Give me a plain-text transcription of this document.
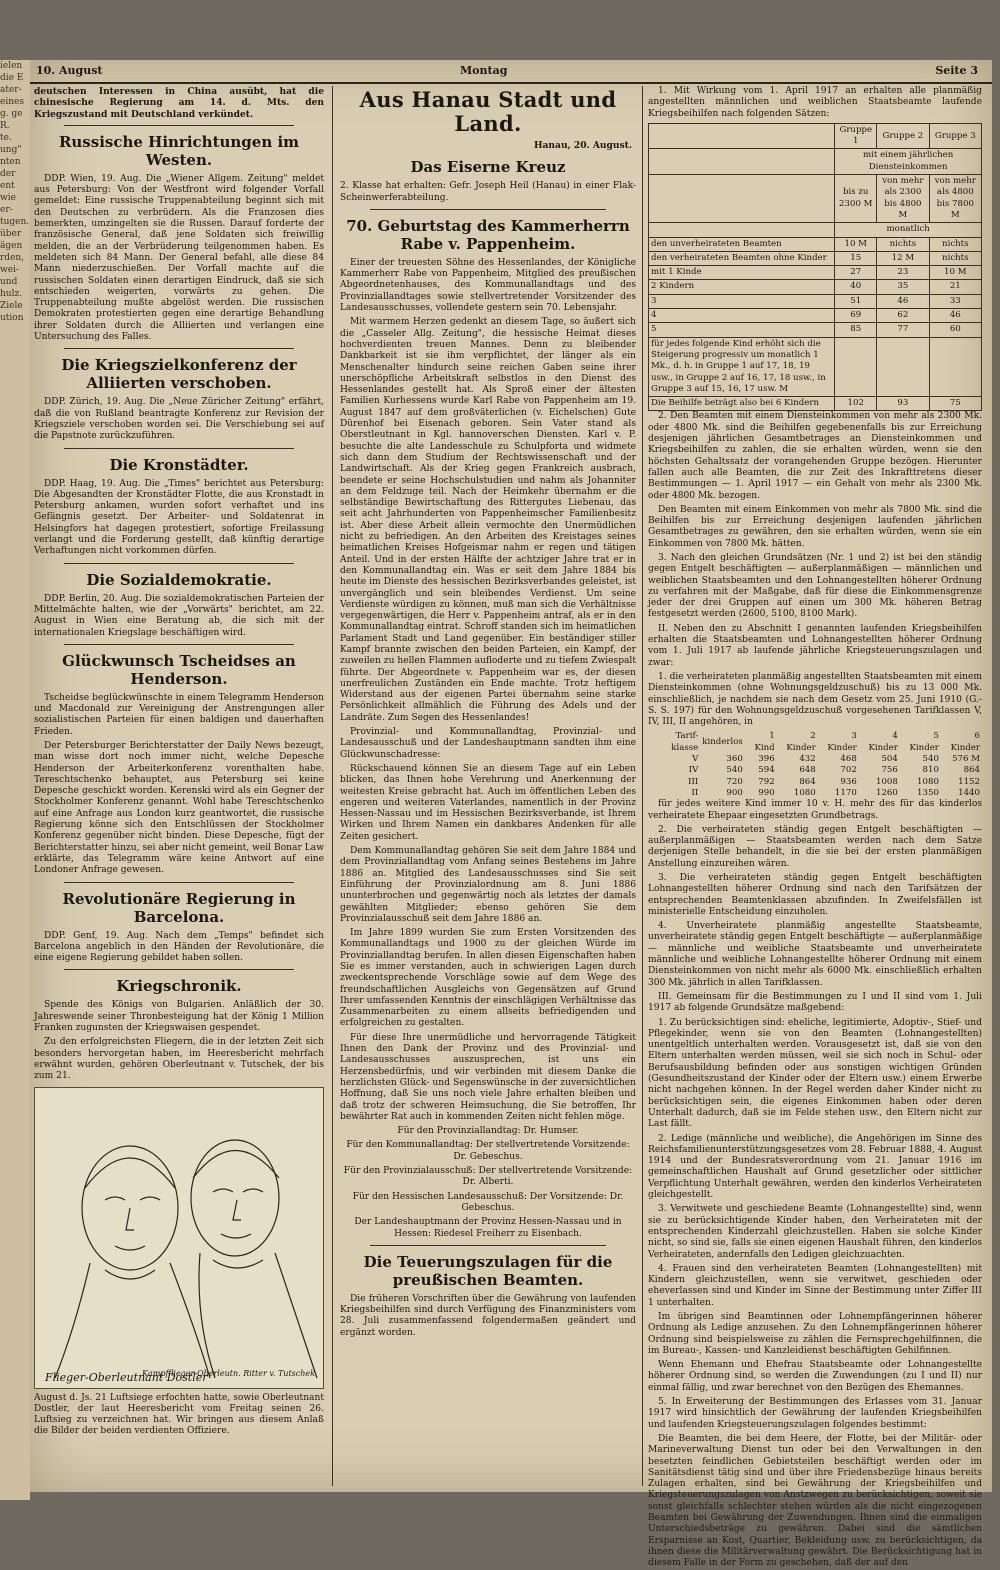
ielen
die E
ater-
eines
g. ge
R.
te.
ung"
nten
der
ent
wie
er-
tugen.
über
ägen
rden,
wei-
und
hulz.
Ziele
ution
10. August	Montag	Seite 3

deutschen Interessen in China ausübt, hat die chinesische Regierung am 14. d. Mts. den Kriegszustand mit Deutschland verkündet.

Russische Hinrichtungen im Westen.

DDP. Wien, 19. Aug. Die „Wiener Allgem. Zeitung" meldet aus Petersburg: Von der Westfront wird folgender Vorfall gemeldet: Eine russische Truppenabteilung beginnt sich mit den Deutschen zu verbrüdern. Als die Franzosen dies bemerkten, umzingelten sie die Russen. Darauf forderte der französische General, daß jene Soldaten sich freiwillig melden, die an der Verbrüderung teilgenommen haben. Es meldeten sich 84 Mann. Der General befahl, alle diese 84 Mann niederzuschießen. Der Vorfall machte auf die russischen Soldaten einen derartigen Eindruck, daß sie sich entschieden weigerten, vorwärts zu gehen. Die Truppenabteilung mußte abgelöst werden. Die russischen Demokraten protestierten gegen eine derartige Behandlung ihrer Soldaten durch die Alliierten und verlangen eine Untersuchung des Falles.

Die Kriegszielkonferenz der Alliierten verschoben.

DDP. Zürich, 19. Aug. Die „Neue Züricher Zeitung" erfährt, daß die von Rußland beantragte Konferenz zur Revision der Kriegsziele verschoben worden sei. Die Verschiebung sei auf die Papstnote zurückzuführen.

Die Kronstädter.

DDP. Haag, 19. Aug. Die „Times" berichtet aus Petersburg: Die Abgesandten der Kronstädter Flotte, die aus Kronstadt in Petersburg ankamen, wurden sofort verhaftet und ins Gefängnis gesetzt. Der Arbeiter- und Soldatenrat in Helsingfors hat dagegen protestiert, sofortige Freilassung verlangt und die Forderung gestellt, daß künftig derartige Verhaftungen nicht vorkommen dürfen.

Die Sozialdemokratie.

DDP. Berlin, 20. Aug. Die sozialdemokratischen Parteien der Mittelmächte halten, wie der „Vorwärts" berichtet, am 22. August in Wien eine Beratung ab, die sich mit der internationalen Kriegslage beschäftigen wird.

Glückwunsch Tscheidses an Henderson.

Tscheidse beglückwünschte in einem Telegramm Henderson und Macdonald zur Vereinigung der Anstrengungen aller sozialistischen Parteien für einen baldigen und dauerhaften Frieden.

Der Petersburger Berichterstatter der Daily News bezeugt, man wisse dort noch immer nicht, welche Depesche Henderson der Arbeiterkonferenz vorenthalten habe. Tereschtschenko behauptet, aus Petersburg sei keine Depesche geschickt worden. Kerenski wird als ein Gegner der Stockholmer Konferenz genannt. Wohl habe Tereschtschenko auf eine Anfrage aus London kurz geantwortet, die russische Regierung könne sich den Entschlüssen der Stockholmer Konferenz gegenüber nicht binden. Diese Depesche, fügt der Berichterstatter hinzu, sei aber nicht gemeint, weil Bonar Law erklärte, das Telegramm wäre keine Antwort auf eine Londoner Anfrage gewesen.

Revolutionäre Regierung in Barcelona.

DDP. Genf, 19. Aug. Nach dem „Temps" befindet sich Barcelona angeblich in den Händen der Revolutionäre, die eine eigene Regierung gebildet haben sollen.

Kriegschronik.

Spende des Königs von Bulgarien. Anläßlich der 30. Jahreswende seiner Thronbesteigung hat der König 1 Million Franken zugunsten der Kriegswaisen gespendet.

Zu den erfolgreichsten Fliegern, die in der letzten Zeit sich besonders hervorgetan haben, im Heeresbericht mehrfach erwähnt wurden, gehören Oberleutnant v. Tutschek, der bis zum 21.

Kampfflieger-Oberleutn. Ritter v. Tutschek
Flieger-Oberleutnant Dostler

August d. Js. 21 Luftsiege erfochten hatte, sowie Oberleutnant Dostler, der laut Heeresbericht vom Freitag seinen 26. Luftsieg zu verzeichnen hat. Wir bringen aus diesem Anlaß die Bilder der beiden verdienten Offiziere.

Aus Hanau Stadt und Land.
Hanau, 20. August.
Das Eiserne Kreuz

2. Klasse hat erhalten: Gefr. Joseph Heil (Hanau) in einer Flak-Scheinwerferabteilung.

70. Geburtstag des Kammerherrn Rabe v. Pappenheim.

Einer der treuesten Söhne des Hessenlandes, der Königliche Kammerherr Rabe von Pappenheim, Mitglied des preußischen Abgeordnetenhauses, des Kommunallandtags und des Provinziallandtages sowie stellvertretender Vorsitzender des Landesausschusses, vollendete gestern sein 70. Lebensjahr.

Mit warmem Herzen gedenkt an diesem Tage, so äußert sich die „Casseler Allg. Zeitung", die hessische Heimat dieses hochverdienten treuen Mannes. Denn zu bleibender Dankbarkeit ist sie ihm verpflichtet, der länger als ein Menschenalter hindurch seine reichen Gaben seine ihrer unerschöpfliche Arbeitskraft selbstlos in den Dienst des Hessenlandes gestellt hat. Als Sproß einer der ältesten Familien Kurhessens wurde Karl Rabe von Pappenheim am 19. August 1847 auf dem großväterlichen (v. Eichelschen) Gute Dürenhof bei Eisenach geboren. Sein Vater stand als Oberstleutnant in Kgl. hannoverschen Diensten. Karl v. P. besuchte die alte Landesschule zu Schulpforta und widmete sich dann dem Studium der Rechtswissenschaft und der Landwirtschaft. Als der Krieg gegen Frankreich ausbrach, beendete er seine Hochschulstudien und nahm als Johanniter an dem Feldzuge teil. Nach der Heimkehr übernahm er die selbständige Bewirtschaftung des Rittergutes Liebenau, das seit acht Jahrhunderten von Pappenheimscher Familienbesitz ist. Aber diese Arbeit allein vermochte den Unermüdlichen nicht zu befriedigen. An den Arbeiten des Kreistages seines heimatlichen Kreises Hofgeismar nahm er regen und tätigen Anteil. Und in der ersten Hälfte der achtziger Jahre trat er in den Kommunallandtag ein. Was er seit dem Jahre 1884 bis heute im Dienste des hessischen Bezirksverbandes geleistet, ist unvergänglich und sein bleibendes Verdienst. Um seine Verdienste würdigen zu können, muß man sich die Verhältnisse vergegenwärtigen, die Herr v. Pappenheim antraf, als er in den Kommunallandtag eintrat. Schroff standen sich im heimatlichen Parlament Stadt und Land gegenüber. Ein beständiger stiller Kampf brannte zwischen den beiden Parteien, ein Kampf, der zuweilen zu hellen Flammen aufloderte und zu tiefem Zwiespalt führte. Der Abgeordnete v. Pappenheim war es, der diesen unerfreulichen Zuständen ein Ende machte. Trotz heftigem Widerstand aus der eigenen Partei übernahm seine starke Persönlichkeit allmählich die Führung des Adels und der Landräte. Zum Segen des Hessenlandes!

Provinzial- und Kommunallandtag, Provinzial- und Landesausschuß und der Landeshauptmann sandten ihm eine Glückwunschadresse:

Rückschauend können Sie an diesem Tage auf ein Leben blicken, das Ihnen hohe Verehrung und Anerkennung der weitesten Kreise gebracht hat. Auch im öffentlichen Leben des engeren und weiteren Vaterlandes, namentlich in der Provinz Hessen-Nassau und im Hessischen Bezirksverbande, ist Ihrem Wirken und Ihrem Namen ein dankbares Andenken für alle Zeiten gesichert.

Dem Kommunallandtag gehören Sie seit dem Jahre 1884 und dem Provinziallandtag vom Anfang seines Bestehens im Jahre 1886 an. Mitglied des Landesausschusses sind Sie seit Einführung der Provinzialordnung am 8. Juni 1886 ununterbrochen und gegenwärtig noch als letztes der damals gewählten Mitglieder; ebenso gehören Sie dem Provinzialausschuß seit dem Jahre 1886 an.

Im Jahre 1899 wurden Sie zum Ersten Vorsitzenden des Kommunallandtags und 1900 zu der gleichen Würde im Provinziallandtag berufen. In allen diesen Eigenschaften haben Sie es immer verstanden, auch in schwierigen Lagen durch zweckentsprechende Vorschläge sowie auf dem Wege des freundschaftlichen Ausgleichs von Gegensätzen auf Grund Ihrer umfassenden Kenntnis der einschlägigen Verhältnisse das Zusammenarbeiten zu einem allseits befriedigenden und erfolgreichen zu gestalten.

Für diese Ihre unermüdliche und hervorragende Tätigkeit Ihnen den Dank der Provinz und des Provinzial- und Landesausschusses auszusprechen, ist uns ein Herzensbedürfnis, und wir verbinden mit diesem Danke die herzlichsten Glück- und Segenswünsche in der zuversichtlichen Hoffnung, daß Sie uns noch viele Jahre erhalten bleiben und daß trotz der schweren Heimsuchung, die Sie betroffen, Ihr bewährter Rat auch in kommenden Zeiten nicht fehlen möge.

Für den Provinziallandtag: Dr. Humser.

Für den Kommunallandtag: Der stellvertretende Vorsitzende: Dr. Gebeschus.

Für den Provinzialausschuß: Der stellvertretende Vorsitzende: Dr. Alberti.

Für den Hessischen Landesausschuß: Der Vorsitzende: Dr. Gebeschus.

Der Landeshauptmann der Provinz Hessen-Nassau und in Hessen: Riedesel Freiherr zu Eisenbach.

Die Teuerungszulagen für die preußischen Beamten.

Die früheren Vorschriften über die Gewährung von laufenden Kriegsbeihilfen sind durch Verfügung des Finanzministers vom 28. Juli zusammenfassend folgendermaßen geändert und ergänzt worden.

1. Mit Wirkung vom 1. April 1917 an erhalten alle planmäßig angestellten männlichen und weiblichen Staatsbeamte laufende Kriegsbeihilfen nach folgenden Sätzen:

	Gruppe 1	Gruppe 2	Gruppe 3
	mit einem jährlichen Diensteinkommen		
	bis zu 2300 M	von mehr als 2300 bis 4800 M	von mehr als 4800 bis 7800 M
	monatlich		
den unverheirateten Beamten	10 M	nichts	nichts
den verheirateten Beamten ohne Kinder	15	12 M	nichts
mit 1 Kinde	27	23	10 M
2 Kindern	40	35	21
3	51	46	33
4	69	62	46
5	85	77	60
für jedes folgende Kind erhöht sich die Steigerung progressiv um monatlich 1 Mk., d. h. in Gruppe 1 auf 17, 18, 19 usw., in Gruppe 2 auf 16, 17, 18 usw., in Gruppe 3 auf 15, 16, 17 usw. M			
Die Beihilfe beträgt also bei 6 Kindern	102	93	75

2. Den Beamten mit einem Diensteinkommen von mehr als 2300 Mk. oder 4800 Mk. sind die Beihilfen gegebenenfalls bis zur Erreichung desjenigen jährlichen Gesamtbetrages an Diensteinkommen und Kriegsbeihilfen zu zahlen, die sie erhalten würden, wenn sie den höchsten Gehaltssatz der vorangehenden Gruppe bezögen. Hierunter fallen auch alle Beamten, die zur Zeit des Inkrafttretens dieser Bestimmungen — 1. April 1917 — ein Gehalt von mehr als 2300 Mk. oder 4800 Mk. bezogen.

Den Beamten mit einem Einkommen von mehr als 7800 Mk. sind die Beihilfen bis zur Erreichung desjenigen laufenden jährlichen Gesamtbetrages zu gewähren, den sie erhalten würden, wenn sie ein Einkommen von 7800 Mk. hätten.

3. Nach den gleichen Grundsätzen (Nr. 1 und 2) ist bei den ständig gegen Entgelt beschäftigten — außerplanmäßigen — männlichen und weiblichen Staatsbeamten und den Lohnangestellten höherer Ordnung zu verfahren mit der Maßgabe, daß für diese die Einkommensgrenze jeder der drei Gruppen auf einen um 300 Mk. höheren Betrag festgesetzt werden (2600, 5100, 8100 Mark).

II. Neben den zu Abschnitt I genannten laufenden Kriegsbeihilfen erhalten die Staatsbeamten und Lohnangestellten höherer Ordnung vom 1. Juli 1917 ab laufende jährliche Kriegsteuerungszulagen und zwar:

1. die verheirateten planmäßig angestellten Staatsbeamten mit einem Diensteinkommen (ohne Wohnungsgeldzuschuß) bis zu 13 000 Mk. einschließlich, je nachdem sie nach dem Gesetz vom 25. Juni 1910 (G.-S. S. 197) für den Wohnungsgeldzuschuß vorgesehenen Tarifklassen V, IV, III, II angehören, in

Tarif-klasse	kinderlos	1 Kind	2 Kinder	3 Kinder	4 Kinder	5 Kinder	6 Kinder
V	360	396	432	468	504	540	576 M
IV	540	594	648	702	756	810	864
III	720	792	864	936	1008	1080	1152
II	900	990	1080	1170	1260	1350	1440

für jedes weitere Kind immer 10 v. H. mehr des für das kinderlos verheiratete Ehepaar eingesetzten Grundbetrags.

2. Die verheirateten ständig gegen Entgelt beschäftigten — außerplanmäßigen — Staatsbeamten werden nach dem Satze derjenigen Stelle behandelt, in die sie bei der ersten planmäßigen Anstellung einzureihen wären.

3. Die verheirateten ständig gegen Entgelt beschäftigten Lohnangestellten höherer Ordnung sind nach den Tarifsätzen der entsprechenden Beamtenklassen abzufinden. In Zweifelsfällen ist ministerielle Entscheidung einzuholen.

4. Unverheiratete planmäßig angestellte Staatsbeamte, unverheiratete ständig gegen Entgelt beschäftigte — außerplanmäßige — männliche und weibliche Staatsbeamte und unverheiratete männliche und weibliche Lohnangestellte höherer Ordnung mit einem Diensteinkommen von nicht mehr als 6000 Mk. einschließlich erhalten 300 Mk. jährlich in allen Tarifklassen.

III. Gemeinsam für die Bestimmungen zu I und II sind vom 1. Juli 1917 ab folgende Grundsätze maßgebend:

1. Zu berücksichtigen sind: eheliche, legitimierte, Adoptiv-, Stief- und Pflegekinder, wenn sie von den Beamten (Lohnangestellten) unentgeltlich unterhalten werden. Vorausgesetzt ist, daß sie von den Eltern unterhalten werden müssen, weil sie sich noch in Schul- oder Berufsausbildung befinden oder aus sonstigen wichtigen Gründen (Gesundheitszustand der Kinder oder der Eltern usw.) einem Erwerbe nicht nachgehen können. In der Regel werden daher Kinder nicht zu berücksichtigen sein, die eigenes Einkommen haben oder deren Unterhalt dadurch, daß sie im Felde stehen usw., den Eltern nicht zur Last fällt.

2. Ledige (männliche und weibliche), die Angehörigen im Sinne des Reichsfamilienunterstützungsgesetzes vom 28. Februar 1888, 4. August 1914 und der Bundesratsverordnung vom 21. Januar 1916 im gemeinschaftlichen Haushalt auf Grund gesetzlicher oder sittlicher Verpflichtung Unterhalt gewähren, werden den kinderlos Verheirateten gleichgestellt.

3. Verwitwete und geschiedene Beamte (Lohnangestellte) sind, wenn sie zu berücksichtigende Kinder haben, den Verheirateten mit der entsprechenden Kinderzahl gleichzustellen. Haben sie solche Kinder nicht, so sind sie, falls sie einen eigenen Haushalt führen, den kinderlos Verheirateten, andernfalls den Ledigen gleichzuachten.

4. Frauen sind den verheirateten Beamten (Lohnangestellten) mit Kindern gleichzustellen, wenn sie verwitwet, geschieden oder eheverlassen sind und Kinder im Sinne der Bestimmung unter Ziffer III 1 unterhalten.

Im übrigen sind Beamtinnen oder Lohnempfängerinnen höherer Ordnung als Ledige anzusehen. Zu den Lohnempfängerinnen höherer Ordnung sind beispielsweise zu zählen die Fernsprechgehilfinnen, die im Bureau-, Kassen- und Kanzleidienst beschäftigten Gehilfinnen.

Wenn Ehemann und Ehefrau Staatsbeamte oder Lohnangestellte höherer Ordnung sind, so werden die Zuwendungen (zu I und II) nur einmal fällig, und zwar berechnet von den Bezügen des Ehemannes.

5. In Erweiterung der Bestimmungen des Erlasses vom 31. Januar 1917 wird hinsichtlich der Gewährung der laufenden Kriegsbeihilfen und laufenden Kriegsteuerungszulagen folgendes bestimmt:

Die Beamten, die bei dem Heere, der Flotte, bei der Militär- oder Marineverwaltung Dienst tun oder bei den Verwaltungen in den besetzten feindlichen Gebietsteilen beschäftigt werden oder im Sanitätsdienst tätig sind und über ihre Friedensbezüge hinaus bereits Zulagen erhalten, sind bei Gewährung der Kriegsbeihilfen und Kriegsteuerungszulagen von Anstzwegen zu berücksichtigen, soweit sie sonst gleichfalls schlechter stehen würden als die nicht eingezogenen Beamten bei Gewährung der Zuwendungen. Ihnen sind die einmaligen Unterschiedsbeträge zu gewähren. Dabei sind die sämtlichen Ersparnisse an Kost, Quartier, Bekleidung usw. zu berücksichtigen, da ihnen diese die Militärverwaltung gewährt. Die Berücksichtigung hat in diesem Falle in der Form zu geschehen, daß der auf den
